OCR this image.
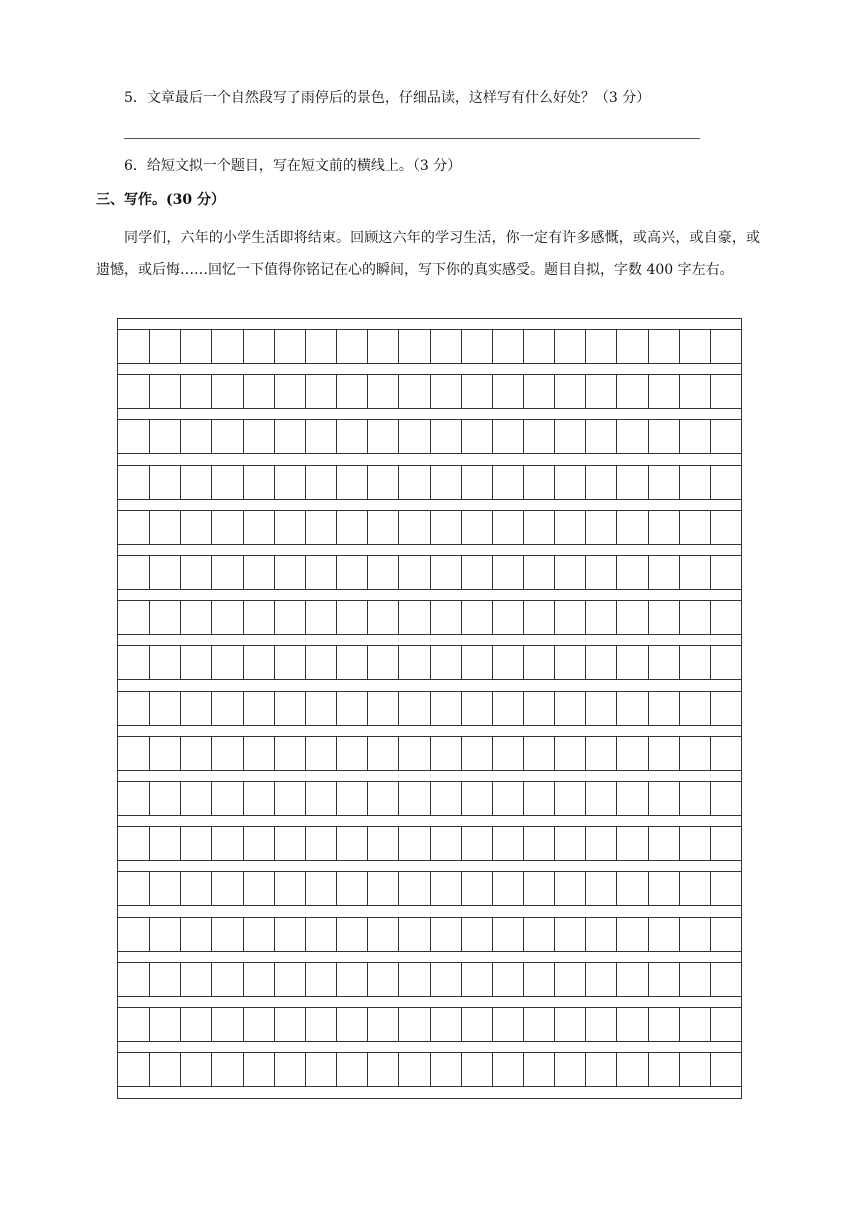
5．文章最后一个自然段写了雨停后的景色，仔细品读，这样写有什么好处？（3 分）
6．给短文拟一个题目，写在短文前的横线上。（3 分）
三、写作。(30 分）
同学们，六年的小学生活即将结束。回顾这六年的学习生活，你一定有许多感慨，或高兴，或自豪，或遗憾，或后悔……回忆一下值得你铭记在心的瞬间，写下你的真实感受。题目自拟，字数 400 字左右。
